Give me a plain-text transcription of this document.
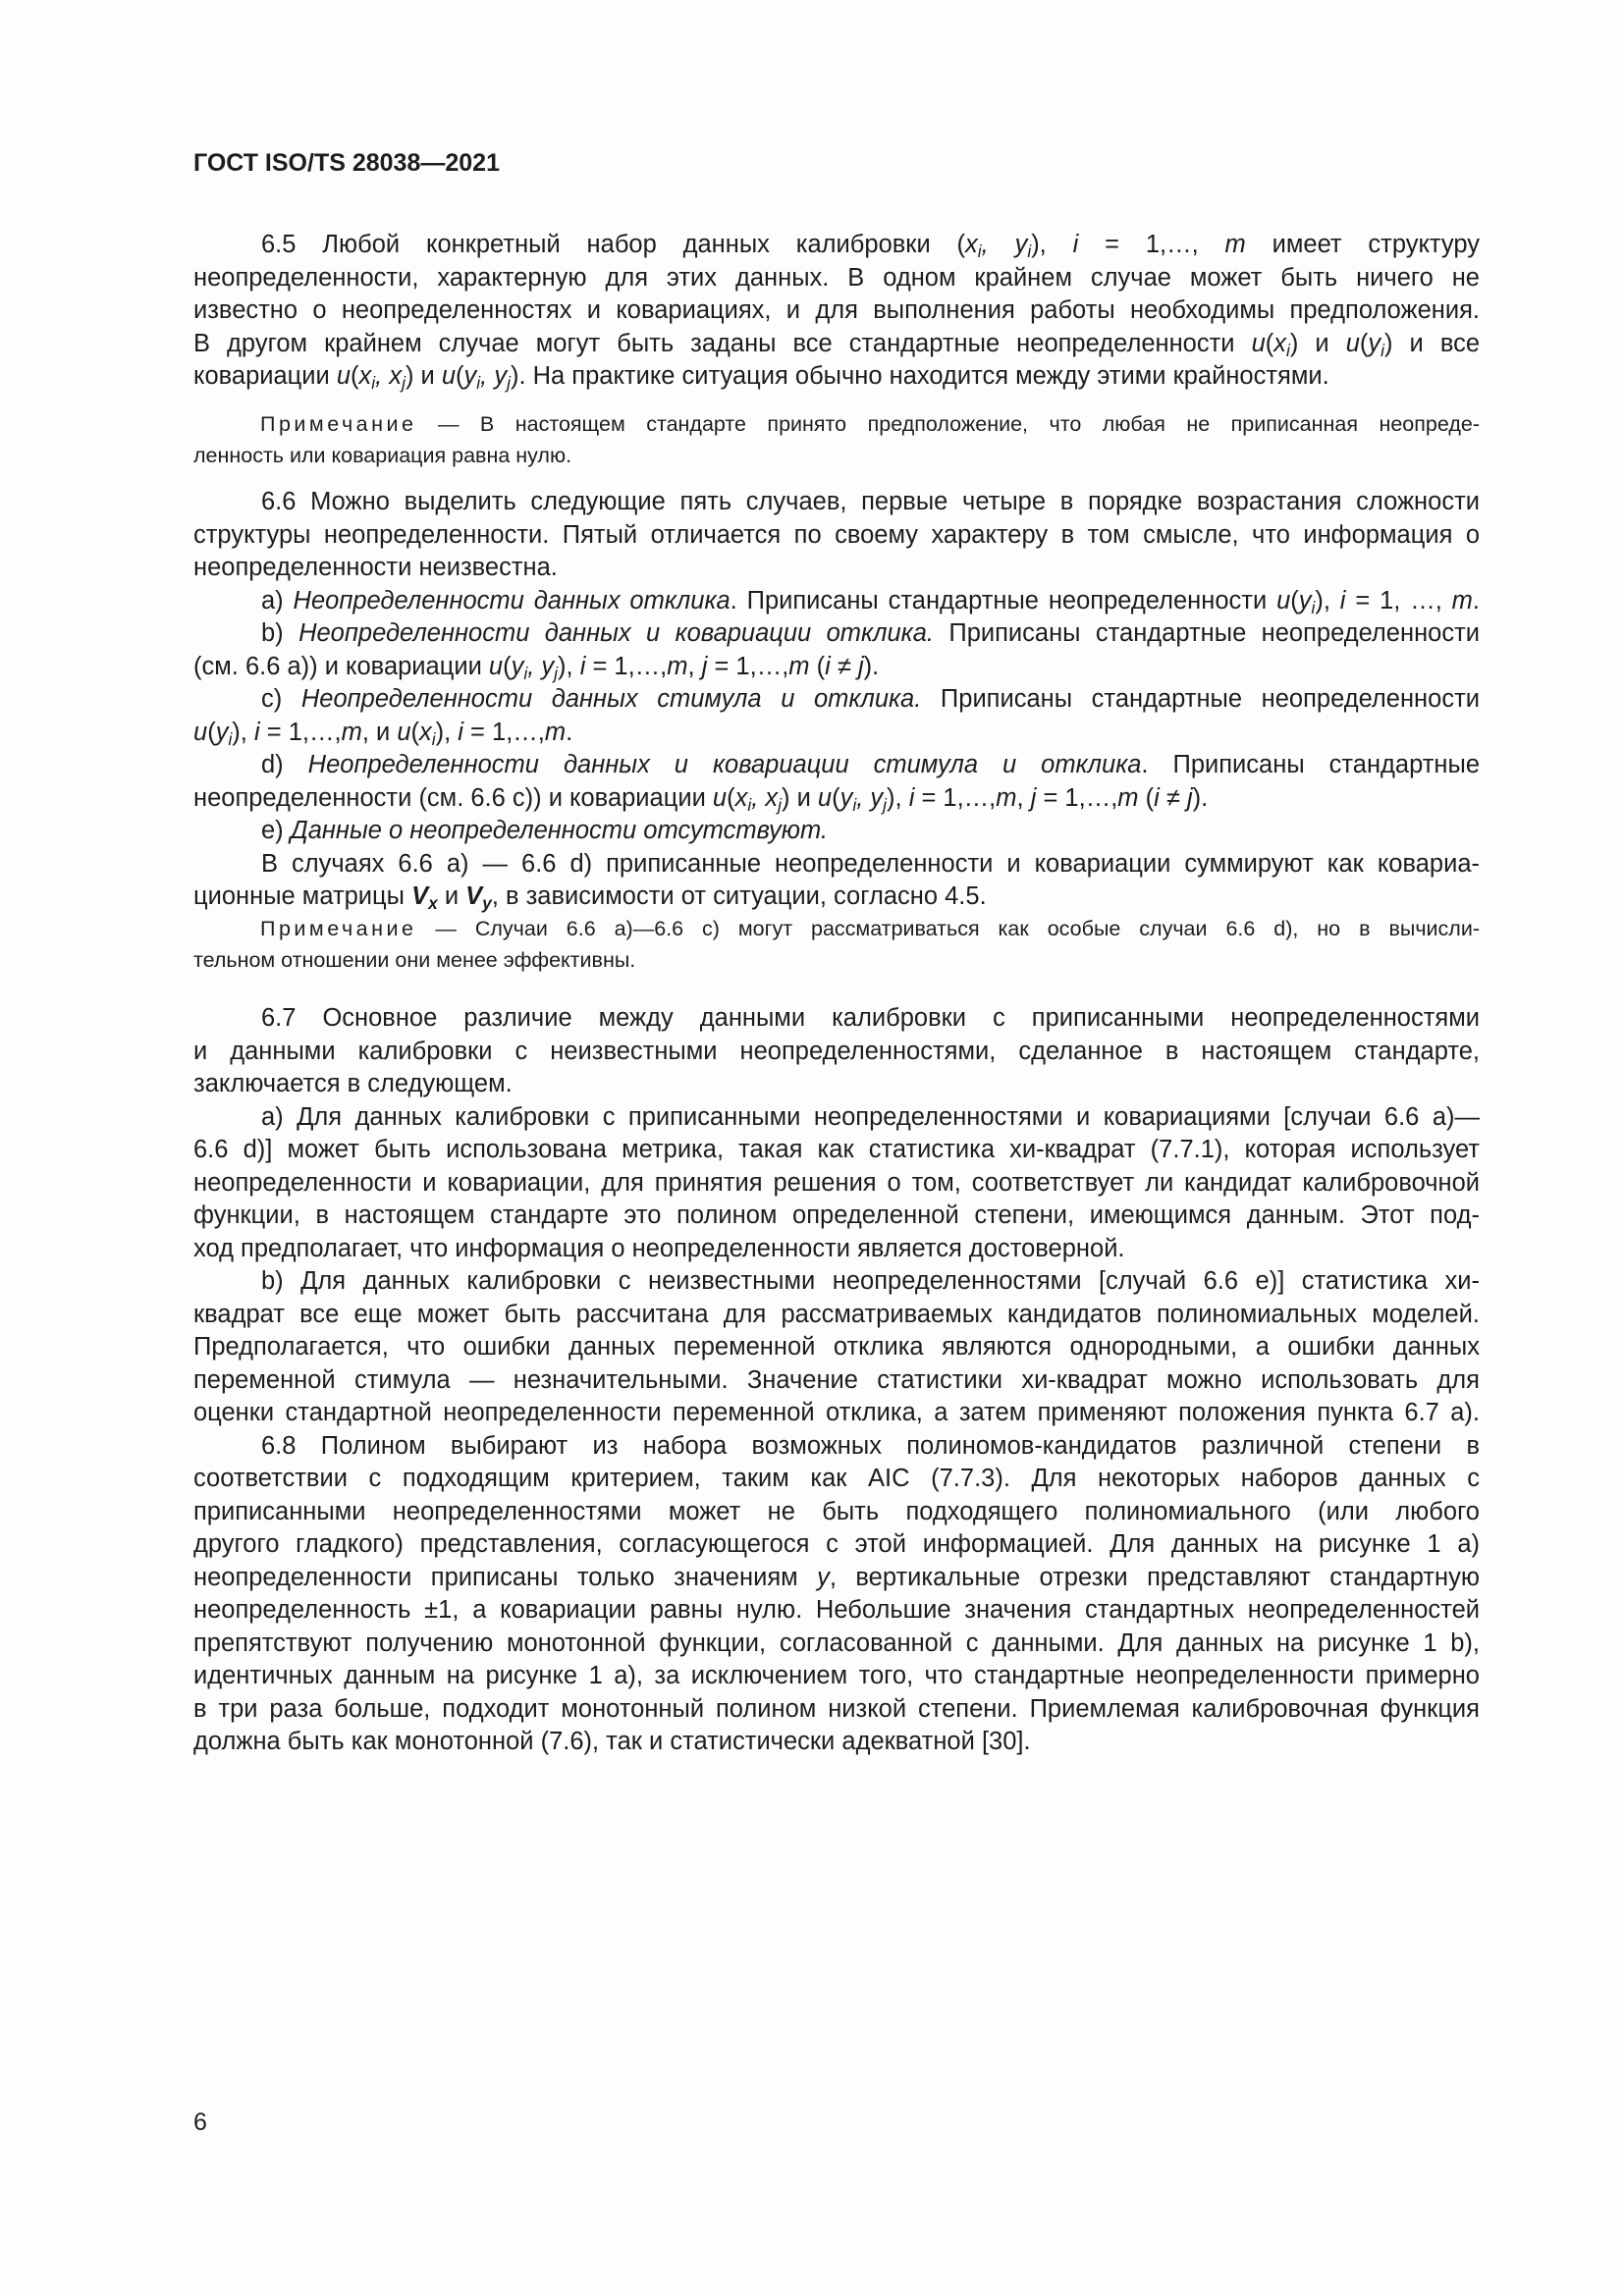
ГОСТ ISO/TS 28038—2021
6.5 Любой конкретный набор данных калибровки ($x_i$, $y_i$), i = 1,…, m имеет структуру
неопределенности, характерную для этих данных. В одном крайнем случае может быть ничего не
известно о неопределенностях и ковариациях, и для выполнения работы необходимы предположения.
В другом крайнем случае могут быть заданы все стандартные неопределенности $u(x_i)$ и $u(y_i)$ и все
ковариации $u(x_i$, $x_j$) и $u(y_i$, $y_j$). На практике ситуация обычно находится между этими крайностями.
Примечание — В настоящем стандарте принято предположение, что любая не приписанная неопреде-
ленность или ковариация равна нулю.
6.6 Можно выделить следующие пять случаев, первые четыре в порядке возрастания сложности
структуры неопределенности. Пятый отличается по своему характеру в том смысле, что информация о
неопределенности неизвестна.
a) Неопределенности данных отклика. Приписаны стандартные неопределенности $u(y_i)$, i = 1, …, m.
b) Неопределенности данных и ковариации отклика. Приписаны стандартные неопределенности
(см. 6.6 a)) и ковариации $u(y_i$, $y_j$), i = 1,…,m, j = 1,…,m (i ≠ j).
c) Неопределенности данных стимула и отклика. Приписаны стандартные неопределенности
$u(y_i)$, i = 1,…,m, и $u(x_i)$, i = 1,…,m.
d) Неопределенности данных и ковариации стимула и отклика. Приписаны стандартные
неопределенности (см. 6.6 c)) и ковариации $u(x_i$, $x_j$) и $u(y_i$, $y_j$), i = 1,…,m, j = 1,…,m (i ≠ j).
e) Данные о неопределенности отсутствуют.
В случаях 6.6 a) — 6.6 d) приписанные неопределенности и ковариации суммируют как ковариа-
ционные матрицы $V_x$ и $V_y$, в зависимости от ситуации, согласно 4.5.
Примечание — Случаи 6.6 a)—6.6 c) могут рассматриваться как особые случаи 6.6 d), но в вычисли-
тельном отношении они менее эффективны.
6.7 Основное различие между данными калибровки с приписанными неопределенностями
и данными калибровки с неизвестными неопределенностями, сделанное в настоящем стандарте,
заключается в следующем.
a) Для данных калибровки с приписанными неопределенностями и ковариациями [случаи 6.6 a)—
6.6 d)] может быть использована метрика, такая как статистика хи-квадрат (7.7.1), которая использует
неопределенности и ковариации, для принятия решения о том, соответствует ли кандидат калибровочной
функции, в настоящем стандарте это полином определенной степени, имеющимся данным. Этот под-
ход предполагает, что информация о неопределенности является достоверной.
b) Для данных калибровки с неизвестными неопределенностями [случай 6.6 e)] статистика хи-
квадрат все еще может быть рассчитана для рассматриваемых кандидатов полиномиальных моделей.
Предполагается, что ошибки данных переменной отклика являются однородными, а ошибки данных
переменной стимула — незначительными. Значение статистики хи-квадрат можно использовать для
оценки стандартной неопределенности переменной отклика, а затем применяют положения пункта 6.7 a).
6.8 Полином выбирают из набора возможных полиномов-кандидатов различной степени в
соответствии с подходящим критерием, таким как AIC (7.7.3). Для некоторых наборов данных с
приписанными неопределенностями может не быть подходящего полиномиального (или любого
другого гладкого) представления, согласующегося с этой информацией. Для данных на рисунке 1 a)
неопределенности приписаны только значениям y, вертикальные отрезки представляют стандартную
неопределенность ±1, а ковариации равны нулю. Небольшие значения стандартных неопределенностей
препятствуют получению монотонной функции, согласованной с данными. Для данных на рисунке 1 b),
идентичных данным на рисунке 1 a), за исключением того, что стандартные неопределенности примерно
в три раза больше, подходит монотонный полином низкой степени. Приемлемая калибровочная функция
должна быть как монотонной (7.6), так и статистически адекватной [30].
6
